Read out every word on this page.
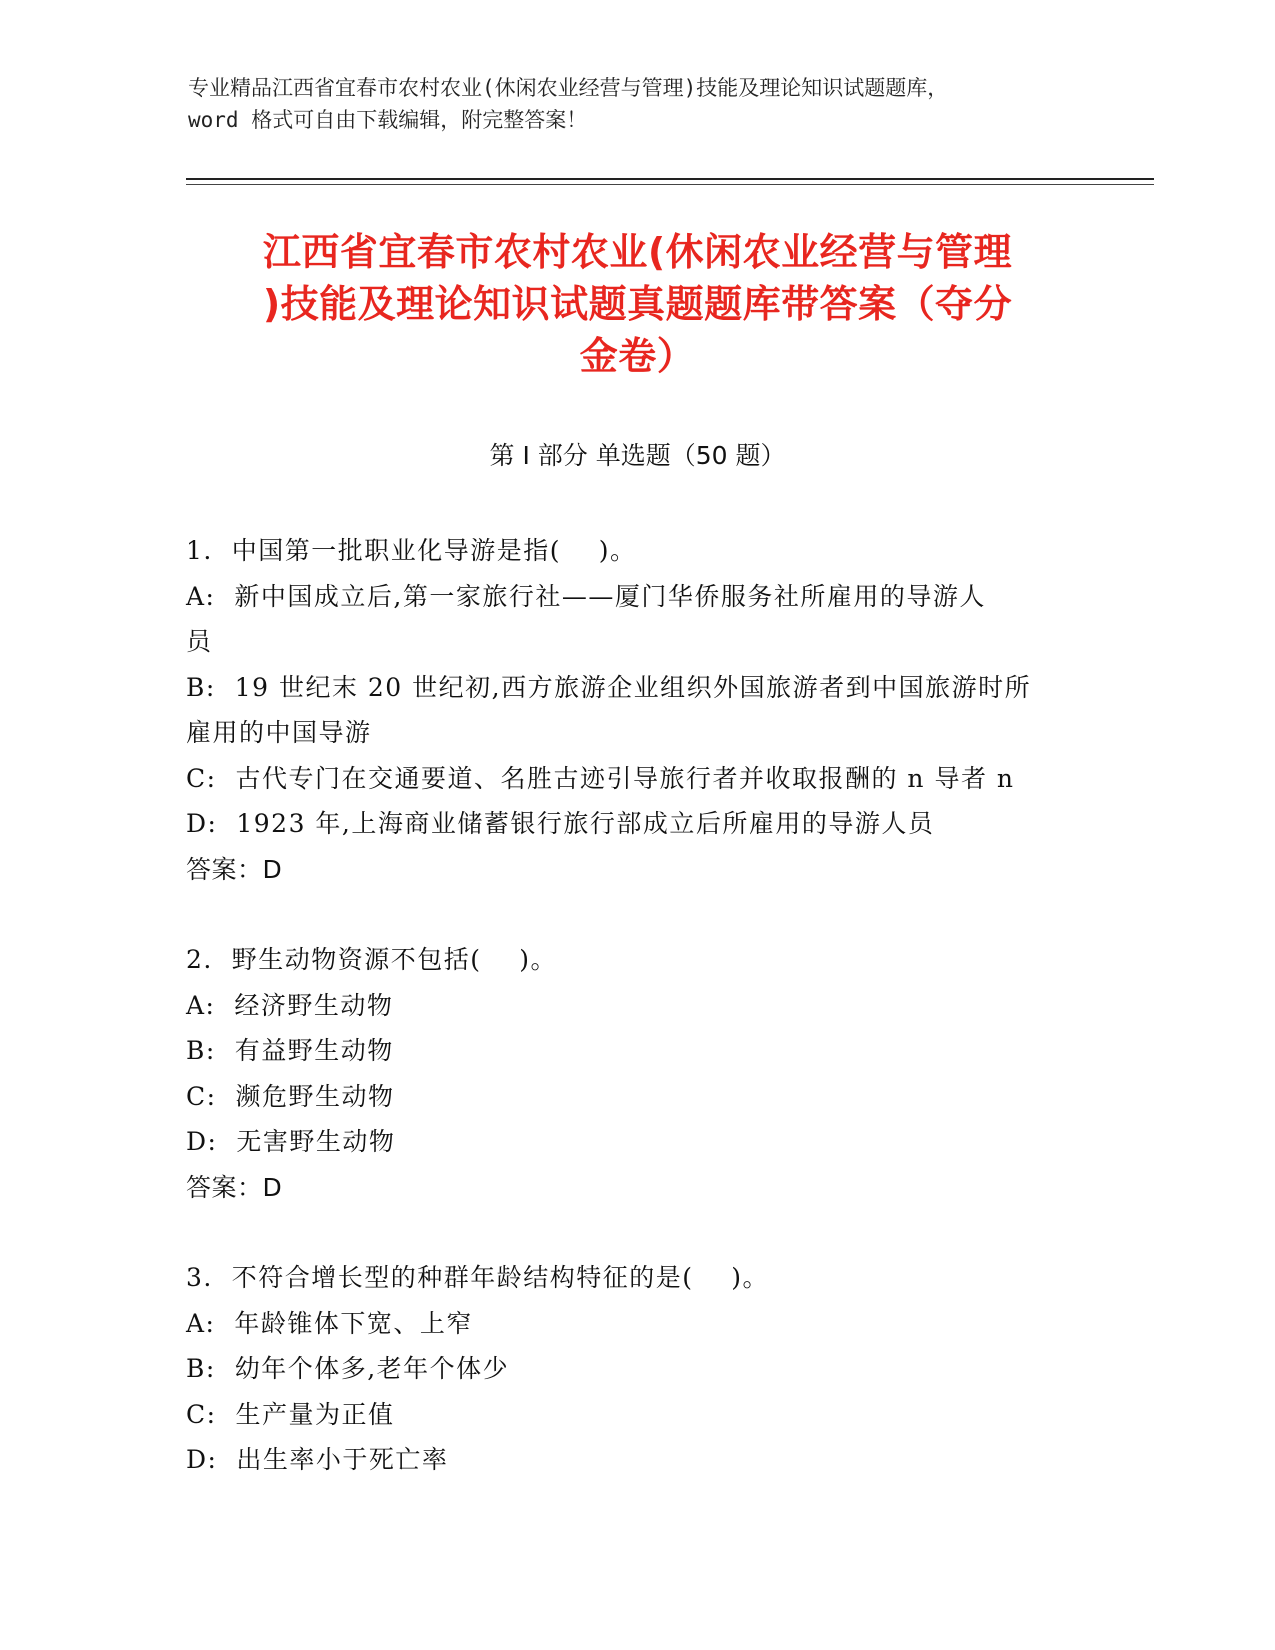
专业精品江西省宜春市农村农业(休闲农业经营与管理)技能及理论知识试题题库，
word 格式可自由下载编辑，附完整答案！
江西省宜春市农村农业(休闲农业经营与管理
)技能及理论知识试题真题题库带答案（夺分
金卷）
第 I 部分 单选题（50 题）
1.  中国第一批职业化导游是指(    )。
A:  新中国成立后,第一家旅行社——厦门华侨服务社所雇用的导游人
员
B:  19 世纪末 20 世纪初,西方旅游企业组织外国旅游者到中国旅游时所
雇用的中国导游
C:  古代专门在交通要道、名胜古迹引导旅行者并收取报酬的 n 导者 n
D:  1923 年,上海商业储蓄银行旅行部成立后所雇用的导游人员
答案：D
2.  野生动物资源不包括(    )。
A:  经济野生动物
B:  有益野生动物
C:  濒危野生动物
D:  无害野生动物
答案：D
3.  不符合增长型的种群年龄结构特征的是(    )。
A:  年龄锥体下宽、上窄
B:  幼年个体多,老年个体少
C:  生产量为正值
D:  出生率小于死亡率
